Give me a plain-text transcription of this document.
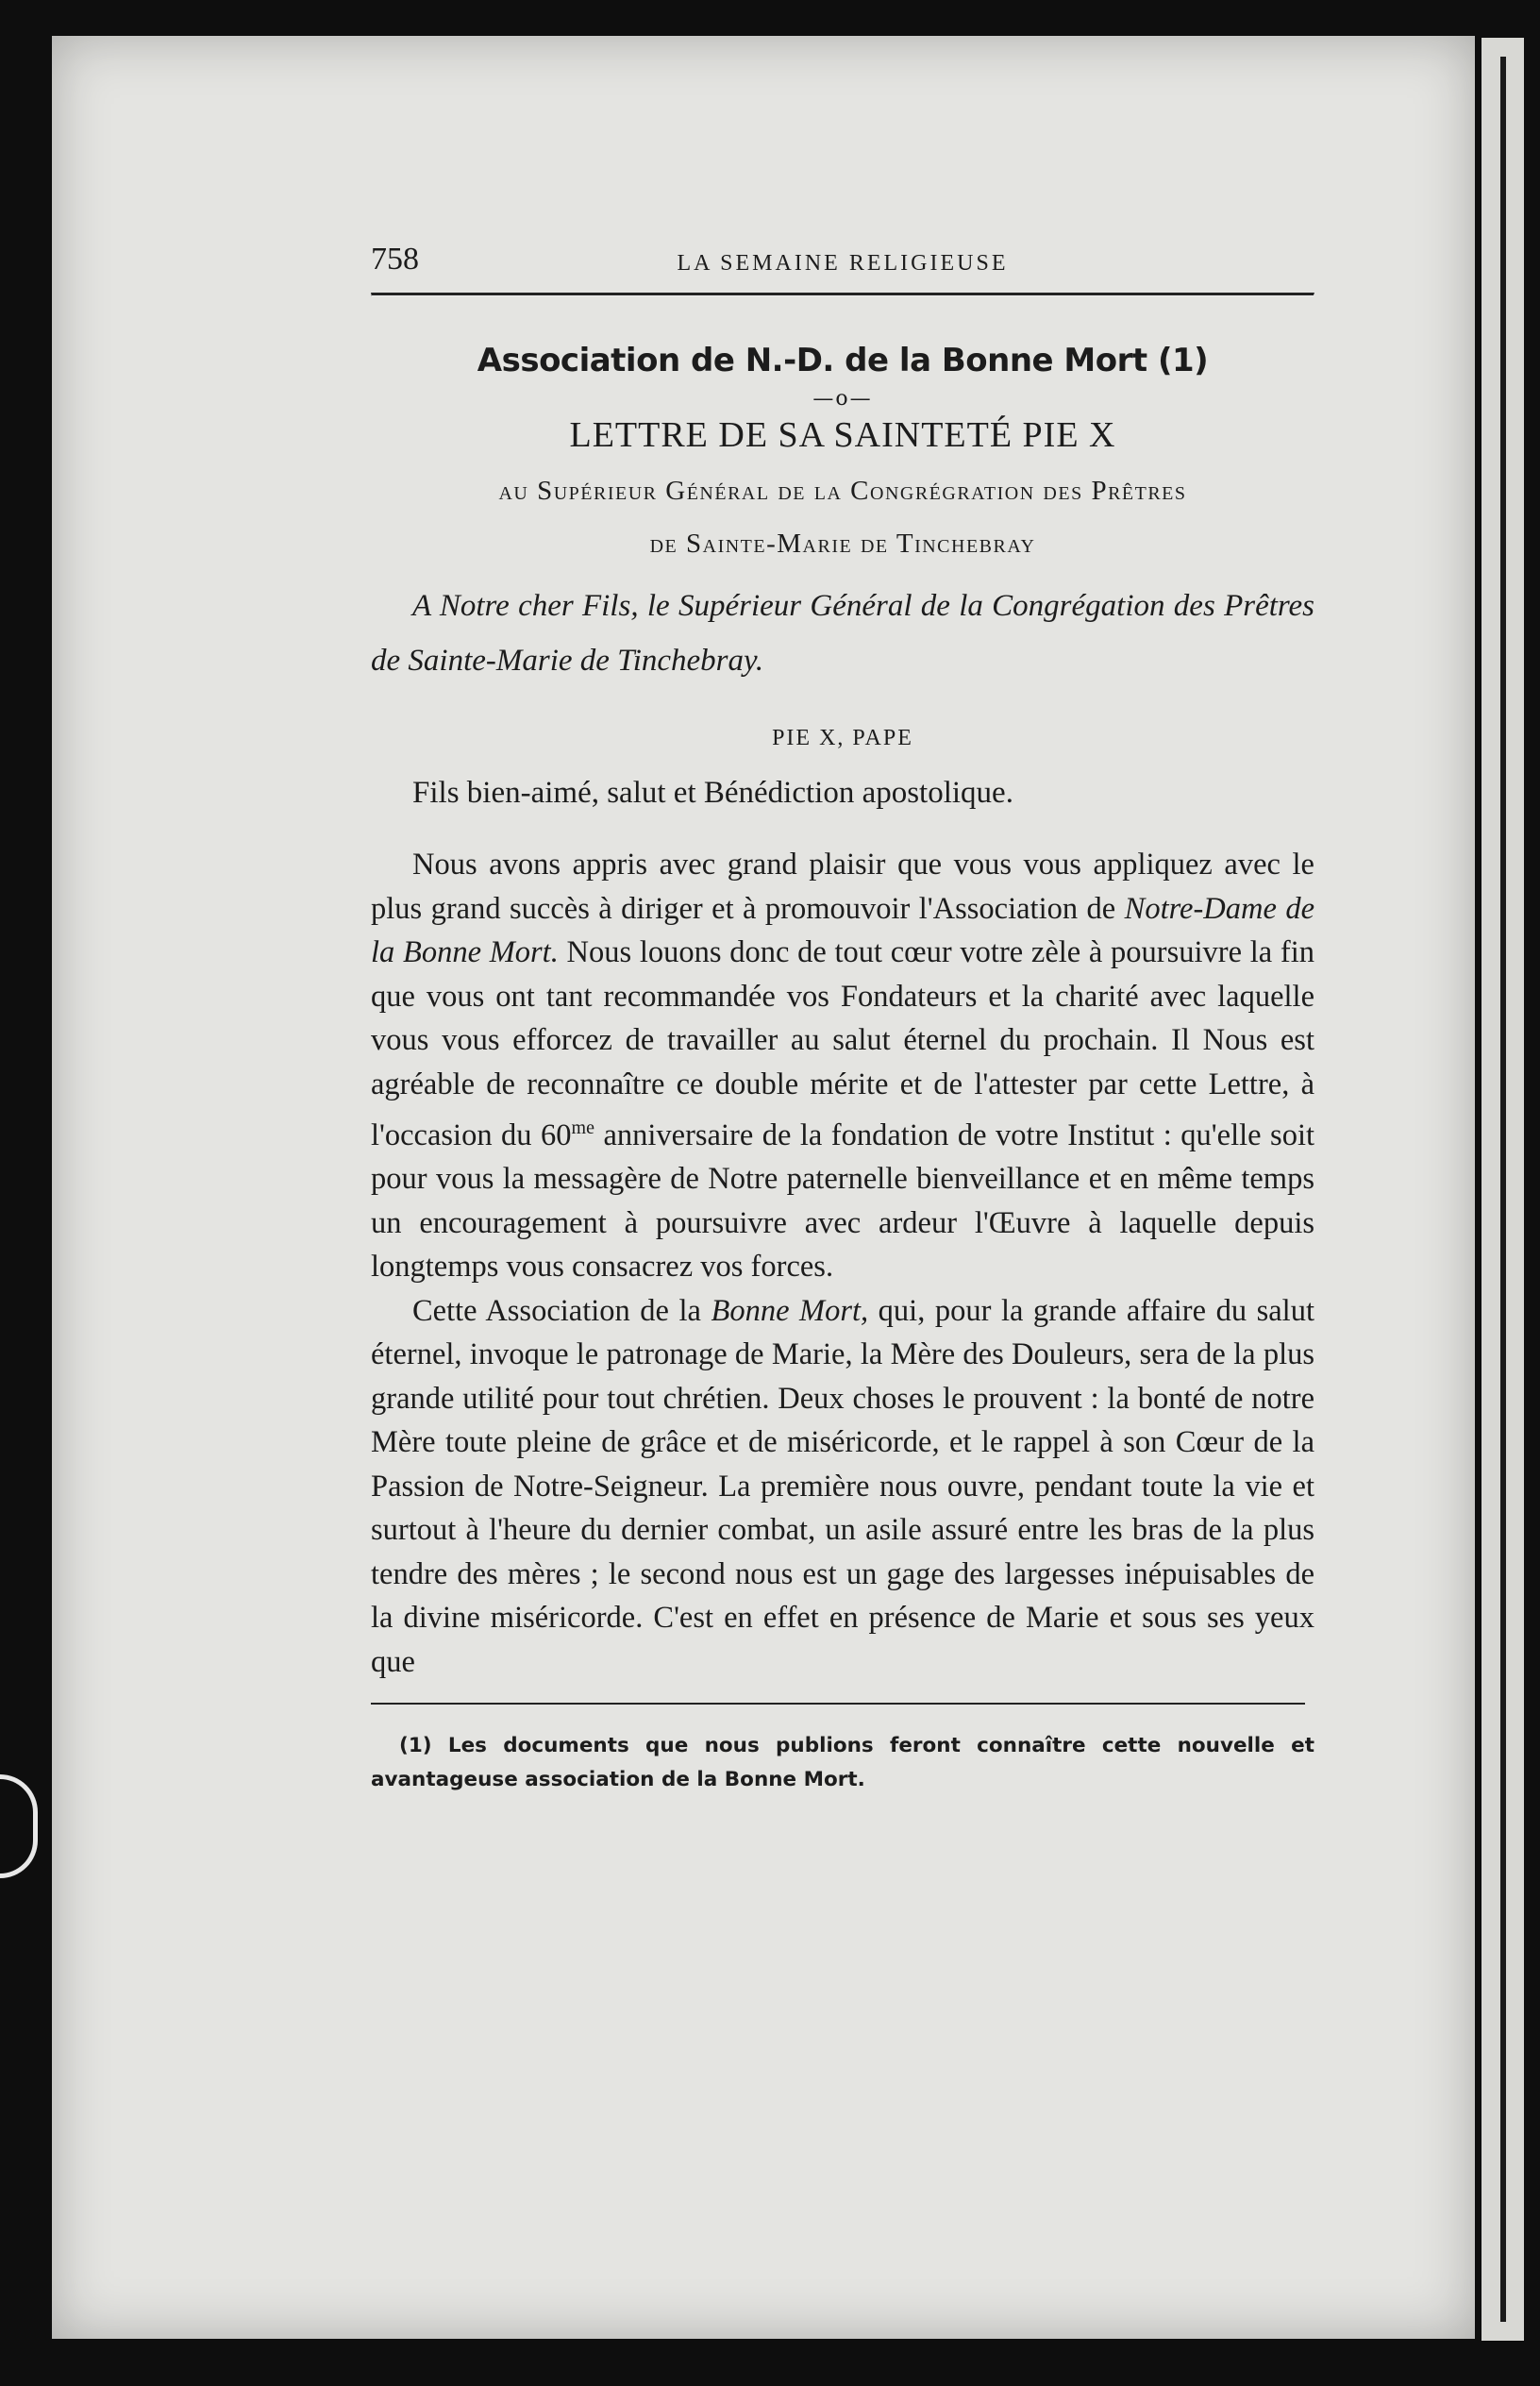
758	LA SEMAINE RELIGIEUSE
Association de N.-D. de la Bonne Mort (1)
—o—
LETTRE DE SA SAINTETÉ PIE X
au Supérieur Général de la Congrégration des Prêtres
de Sainte-Marie de Tinchebray
A Notre cher Fils, le Supérieur Général de la Congrégation des Prêtres de Sainte-Marie de Tinchebray.
PIE X, PAPE
Fils bien-aimé, salut et Bénédiction apostolique.

Nous avons appris avec grand plaisir que vous vous appliquez avec le plus grand succès à diriger et à promouvoir l'Association de Notre-Dame de la Bonne Mort. Nous louons donc de tout cœur votre zèle à poursuivre la fin que vous ont tant recommandée vos Fondateurs et la charité avec laquelle vous vous efforcez de travailler au salut éternel du prochain. Il Nous est agréable de reconnaître ce double mérite et de l'attester par cette Lettre, à l'occasion du $60^{me}$ anniversaire de la fondation de votre Institut : qu'elle soit pour vous la messagère de Notre paternelle bienveillance et en même temps un encouragement à poursuivre avec ardeur l'Œuvre à laquelle depuis longtemps vous consacrez vos forces.

Cette Association de la Bonne Mort, qui, pour la grande affaire du salut éternel, invoque le patronage de Marie, la Mère des Douleurs, sera de la plus grande utilité pour tout chrétien. Deux choses le prouvent : la bonté de notre Mère toute pleine de grâce et de miséricorde, et le rappel à son Cœur de la Passion de Notre-Seigneur. La première nous ouvre, pendant toute la vie et surtout à l'heure du dernier combat, un asile assuré entre les bras de la plus tendre des mères ; le second nous est un gage des largesses inépuisables de la divine miséricorde. C'est en effet en présence de Marie et sous ses yeux que

(1) Les documents que nous publions feront connaître cette nouvelle et avantageuse association de la Bonne Mort.
